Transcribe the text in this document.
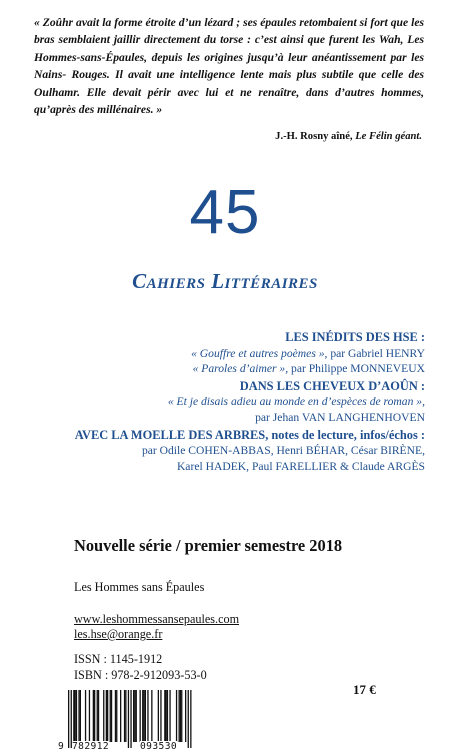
« Zoûhr avait la forme étroite d’un lézard ; ses épaules retombaient si fort que les bras semblaient jaillir directement du torse : c’est ainsi que furent les Wah, Les Hommes-sans-Épaules, depuis les origines jusqu’à leur anéantissement par les Nains- Rouges. Il avait une intelligence lente mais plus subtile que celle des Oulhamr. Elle devait périr avec lui et ne renaître, dans d’autres hommes, qu’après des millénaires. »

J.-H. Rosny aîné, Le Félin géant.

45
Cahiers Littéraires

LES INÉDITS DES HSE :

« Gouffre et autres poèmes », par Gabriel HENRY

« Paroles d’aimer », par Philippe MONNEVEUX

DANS LES CHEVEUX D’AOÛN :

« Et je disais adieu au monde en d’espèces de roman »,

par Jehan VAN LANGHENHOVEN

AVEC LA MOELLE DES ARBRES, notes de lecture, infos/échos :

par Odile COHEN-ABBAS, Henri BÉHAR, César BIRÈNE,

Karel HADEK, Paul FARELLIER & Claude ARGÈS

Nouvelle série / premier semestre 2018

Les Hommes sans Épaules

www.leshommessansepaules.com

les.hse@orange.fr

ISSN : 1145-1912

ISBN : 978-2-912093-53-0

17 €

9 782912	093530
